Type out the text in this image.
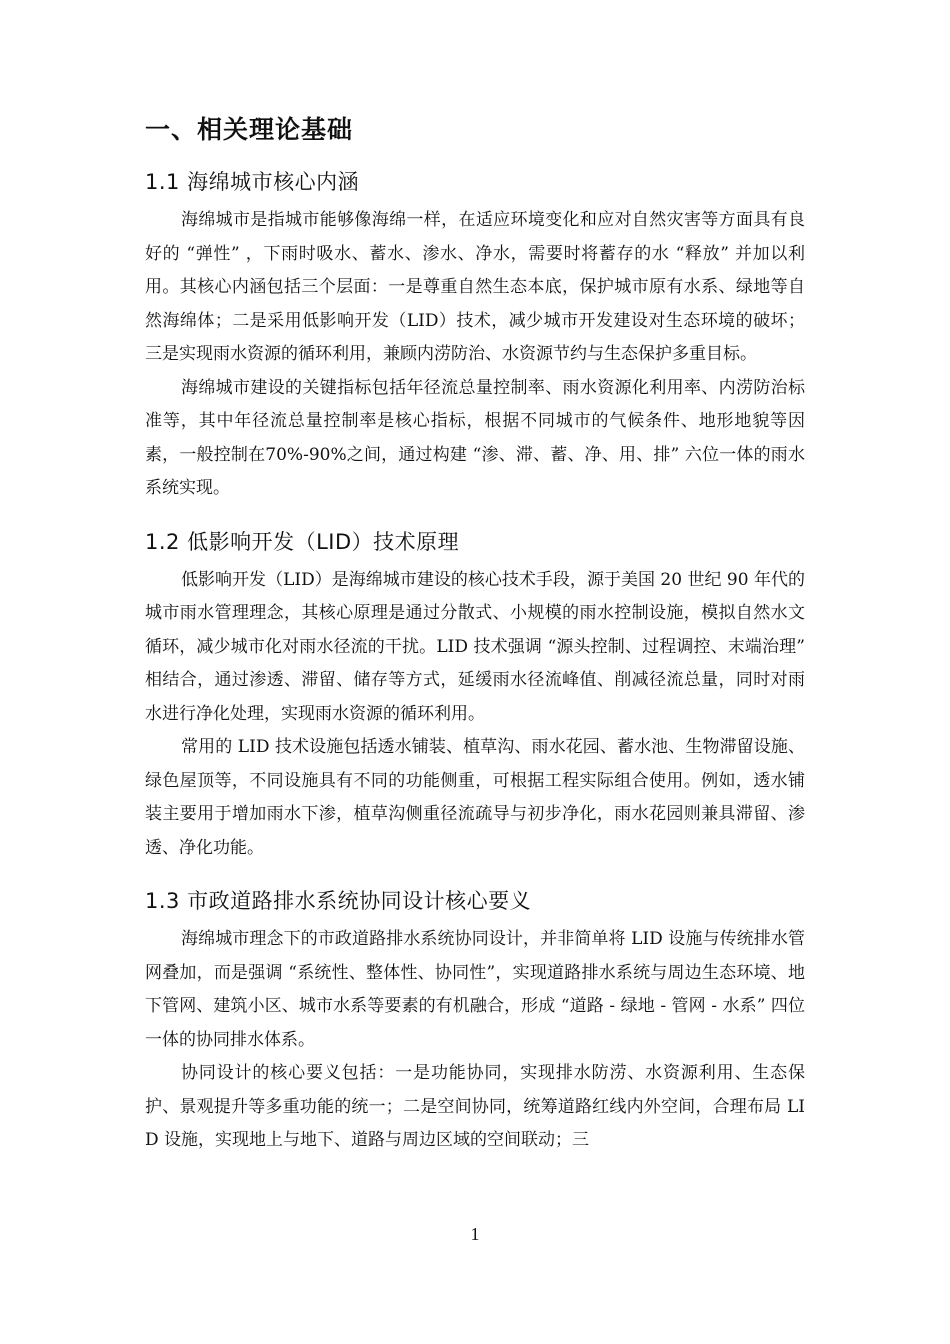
一、相关理论基础
1.1 海绵城市核心内涵

海绵城市是指城市能够像海绵一样，在适应环境变化和应对自然灾害等方面具有良好的 “弹性” ，下雨时吸水、蓄水、渗水、净水，需要时将蓄存的水 “释放” 并加以利用。其核心内涵包括三个层面：一是尊重自然生态本底，保护城市原有水系、绿地等自然海绵体；二是采用低影响开发（LID）技术，减少城市开发建设对生态环境的破坏；三是实现雨水资源的循环利用，兼顾内涝防治、水资源节约与生态保护多重目标。

海绵城市建设的关键指标包括年径流总量控制率、雨水资源化利用率、内涝防治标准等，其中年径流总量控制率是核心指标，根据不同城市的气候条件、地形地貌等因素，一般控制在70%-90%之间，通过构建 “渗、滞、蓄、净、用、排” 六位一体的雨水系统实现。

1.2 低影响开发（LID）技术原理

低影响开发（LID）是海绵城市建设的核心技术手段，源于美国 20 世纪 90 年代的城市雨水管理理念，其核心原理是通过分散式、小规模的雨水控制设施，模拟自然水文循环，减少城市化对雨水径流的干扰。LID 技术强调 “源头控制、过程调控、末端治理” 相结合，通过渗透、滞留、储存等方式，延缓雨水径流峰值、削减径流总量，同时对雨水进行净化处理，实现雨水资源的循环利用。

常用的 LID 技术设施包括透水铺装、植草沟、雨水花园、蓄水池、生物滞留设施、绿色屋顶等，不同设施具有不同的功能侧重，可根据工程实际组合使用。例如，透水铺装主要用于增加雨水下渗，植草沟侧重径流疏导与初步净化，雨水花园则兼具滞留、渗透、净化功能。

1.3 市政道路排水系统协同设计核心要义

海绵城市理念下的市政道路排水系统协同设计，并非简单将 LID 设施与传统排水管网叠加，而是强调 “系统性、整体性、协同性”，实现道路排水系统与周边生态环境、地下管网、建筑小区、城市水系等要素的有机融合，形成 “道路 - 绿地 - 管网 - 水系” 四位一体的协同排水体系。

协同设计的核心要义包括：一是功能协同，实现排水防涝、水资源利用、生态保护、景观提升等多重功能的统一；二是空间协同，统筹道路红线内外空间，合理布局 LID 设施，实现地上与地下、道路与周边区域的空间联动；三

1
